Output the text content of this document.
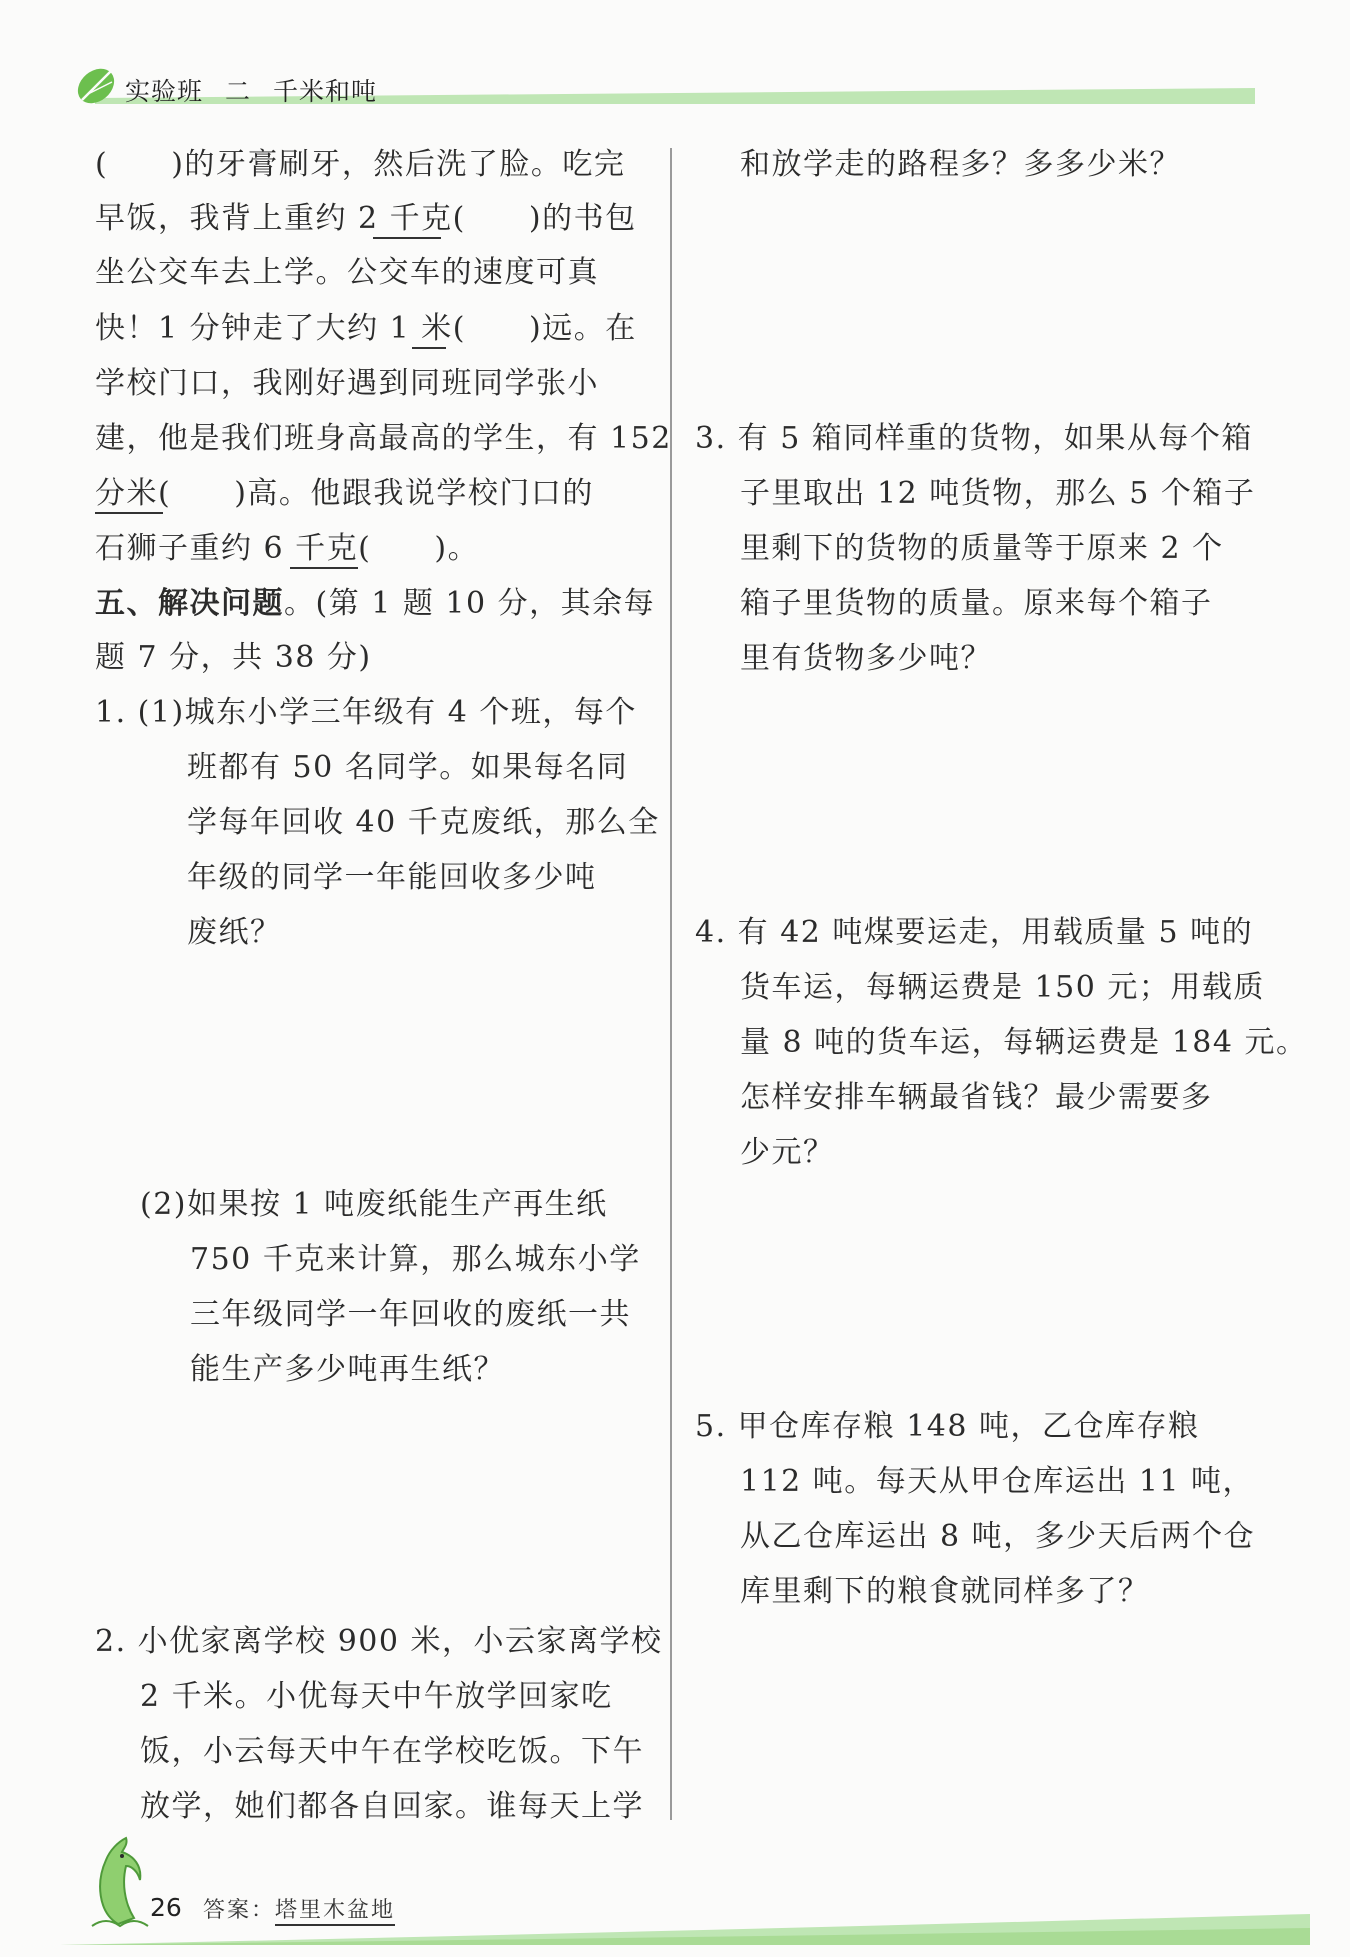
实验班 二 千米和吨
(　　)的牙膏刷牙，然后洗了脸。吃完
早饭，我背上重约 2 千克(　　)的书包
坐公交车去上学。公交车的速度可真
快！1 分钟走了大约 1 米(　　)远。在
学校门口，我刚好遇到同班同学张小
建，他是我们班身高最高的学生，有 152
分米(　　)高。他跟我说学校门口的
石狮子重约 6 千克(　　)。
五、解决问题。(第 1 题 10 分，其余每
题 7 分，共 38 分)
1. (1)城东小学三年级有 4 个班，每个
班都有 50 名同学。如果每名同
学每年回收 40 千克废纸，那么全
年级的同学一年能回收多少吨
废纸？
(2)如果按 1 吨废纸能生产再生纸
750 千克来计算，那么城东小学
三年级同学一年回收的废纸一共
能生产多少吨再生纸？
2. 小优家离学校 900 米，小云家离学校
2 千米。小优每天中午放学回家吃
饭，小云每天中午在学校吃饭。下午
放学，她们都各自回家。谁每天上学
和放学走的路程多？多多少米？
3. 有 5 箱同样重的货物，如果从每个箱
子里取出 12 吨货物，那么 5 个箱子
里剩下的货物的质量等于原来 2 个
箱子里货物的质量。原来每个箱子
里有货物多少吨？
4. 有 42 吨煤要运走，用载质量 5 吨的
货车运，每辆运费是 150 元；用载质
量 8 吨的货车运，每辆运费是 184 元。
怎样安排车辆最省钱？最少需要多
少元？
5. 甲仓库存粮 148 吨，乙仓库存粮
112 吨。每天从甲仓库运出 11 吨，
从乙仓库运出 8 吨，多少天后两个仓
库里剩下的粮食就同样多了？
26 答案：塔里木盆地
